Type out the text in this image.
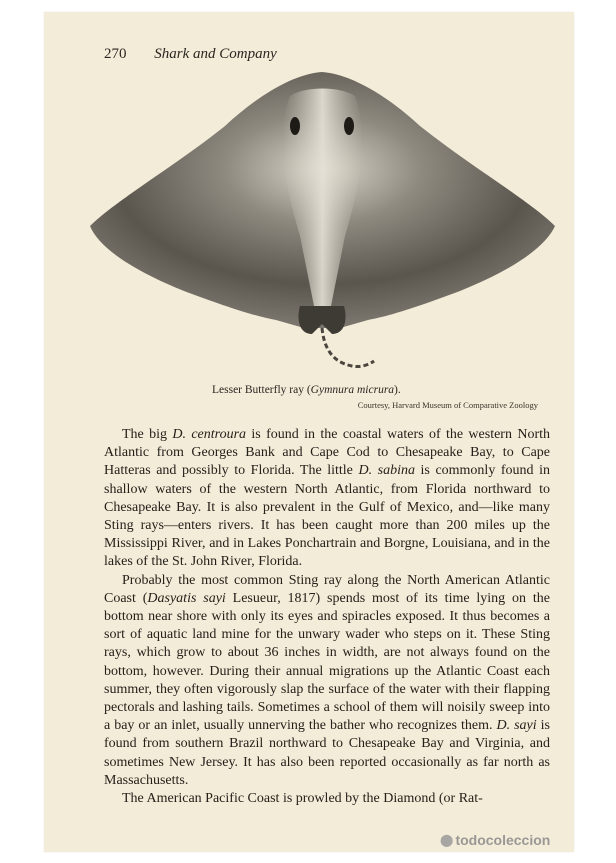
270 Shark and Company
Lesser Butterfly ray (Gymnura micrura).
Courtesy, Harvard Museum of Comparative Zoology

The big D. centroura is found in the coastal waters of the western North Atlantic from Georges Bank and Cape Cod to Chesapeake Bay, to Cape Hatteras and possibly to Florida. The little D. sabina is commonly found in shallow waters of the western North Atlantic, from Florida northward to Chesapeake Bay. It is also prevalent in the Gulf of Mexico, and—like many Sting rays—enters rivers. It has been caught more than 200 miles up the Mississippi River, and in Lakes Ponchartrain and Borgne, Louisiana, and in the lakes of the St. John River, Florida.

Probably the most common Sting ray along the North American Atlantic Coast (Dasyatis sayi Lesueur, 1817) spends most of its time lying on the bottom near shore with only its eyes and spiracles exposed. It thus becomes a sort of aquatic land mine for the unwary wader who steps on it. These Sting rays, which grow to about 36 inches in width, are not always found on the bottom, however. During their annual migrations up the Atlantic Coast each summer, they often vigorously slap the surface of the water with their flapping pectorals and lashing tails. Sometimes a school of them will noisily sweep into a bay or an inlet, usually unnerving the bather who recognizes them. D. sayi is found from southern Brazil northward to Chesapeake Bay and Virginia, and sometimes New Jersey. It has also been reported occasionally as far north as Massachusetts.

The American Pacific Coast is prowled by the Diamond (or Rat-

⬤ todocoleccion
